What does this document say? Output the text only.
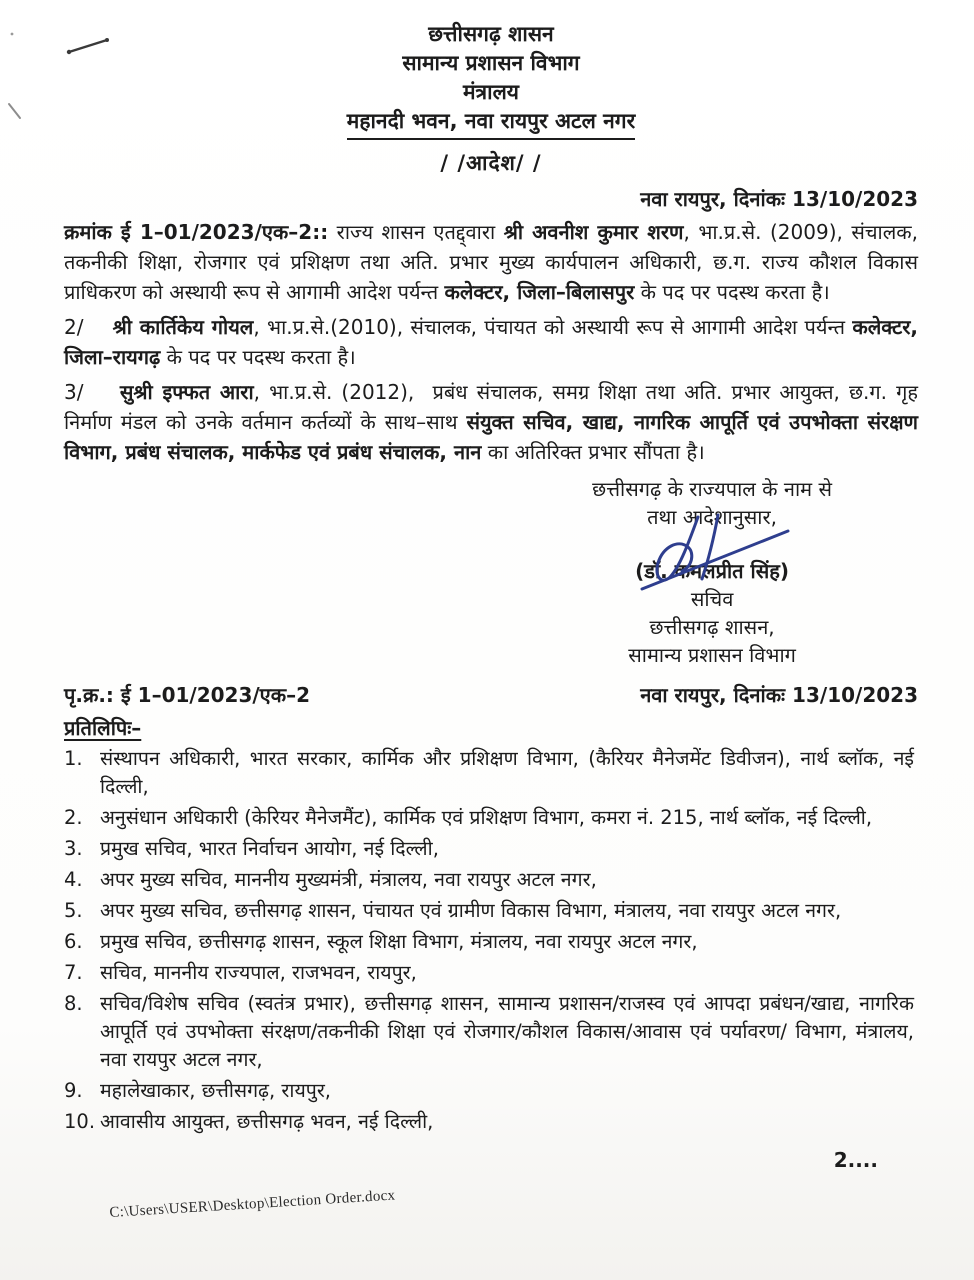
छत्तीसगढ़ शासन
सामान्य प्रशासन विभाग
मंत्रालय
महानदी भवन, नवा रायपुर अटल नगर
/ /आदेश/ /
नवा रायपुर, दिनांकः 13/10/2023
क्रमांक ई 1–01/2023/एक–2:: राज्य शासन एतद्द्वारा श्री अवनीश कुमार शरण, भा.प्र.से. (2009), संचालक, तकनीकी शिक्षा, रोजगार एवं प्रशिक्षण तथा अति. प्रभार मुख्य कार्यपालन अधिकारी, छ.ग. राज्य कौशल विकास प्राधिकरण को अस्थायी रूप से आगामी आदेश पर्यन्त कलेक्टर, जिला–बिलासपुर के पद पर पदस्थ करता है।
2/    श्री कार्तिकेय गोयल, भा.प्र.से.(2010), संचालक, पंचायत को अस्थायी रूप से आगामी आदेश पर्यन्त कलेक्टर, जिला–रायगढ़ के पद पर पदस्थ करता है।
3/    सुश्री इफ्फत आरा, भा.प्र.से. (2012),  प्रबंध संचालक, समग्र शिक्षा तथा अति. प्रभार आयुक्त, छ.ग. गृह निर्माण मंडल को उनके वर्तमान कर्तव्यों के साथ–साथ संयुक्त सचिव, खाद्य, नागरिक आपूर्ति एवं उपभोक्ता संरक्षण विभाग, प्रबंध संचालक, मार्कफेड एवं प्रबंध संचालक, नान का अतिरिक्त प्रभार सौंपता है।
छत्तीसगढ़ के राज्यपाल के नाम से
तथा आदेशानुसार,
(डॉ. कमलप्रीत सिंह)
सचिव
छत्तीसगढ़ शासन,
सामान्य प्रशासन विभाग
पृ.क्र.: ई 1–01/2023/एक–2	नवा रायपुर, दिनांकः 13/10/2023
प्रतिलिपिः–
1. संस्थापन अधिकारी, भारत सरकार, कार्मिक और प्रशिक्षण विभाग, (कैरियर मैनेजमेंट डिवीजन), नार्थ ब्लॉक, नई दिल्ली,
2. अनुसंधान अधिकारी (केरियर मैनेजमैंट), कार्मिक एवं प्रशिक्षण विभाग, कमरा नं. 215, नार्थ ब्लॉक, नई दिल्ली,
3. प्रमुख सचिव, भारत निर्वाचन आयोग, नई दिल्ली,
4. अपर मुख्य सचिव, माननीय मुख्यमंत्री, मंत्रालय, नवा रायपुर अटल नगर,
5. अपर मुख्य सचिव, छत्तीसगढ़ शासन, पंचायत एवं ग्रामीण विकास विभाग, मंत्रालय, नवा रायपुर अटल नगर,
6. प्रमुख सचिव, छत्तीसगढ़ शासन, स्कूल शिक्षा विभाग, मंत्रालय, नवा रायपुर अटल नगर,
7. सचिव, माननीय राज्यपाल, राजभवन, रायपुर,
8. सचिव/विशेष सचिव (स्वतंत्र प्रभार), छत्तीसगढ़ शासन, सामान्य प्रशासन/राजस्व एवं आपदा प्रबंधन/खाद्य, नागरिक आपूर्ति एवं उपभोक्ता संरक्षण/तकनीकी शिक्षा एवं रोजगार/कौशल विकास/आवास एवं पर्यावरण/ विभाग, मंत्रालय, नवा रायपुर अटल नगर,
9. महालेखाकार, छत्तीसगढ़, रायपुर,
10. आवासीय आयुक्त, छत्तीसगढ़ भवन, नई दिल्ली,
2....
C:\Users\USER\Desktop\Election Order.docx
